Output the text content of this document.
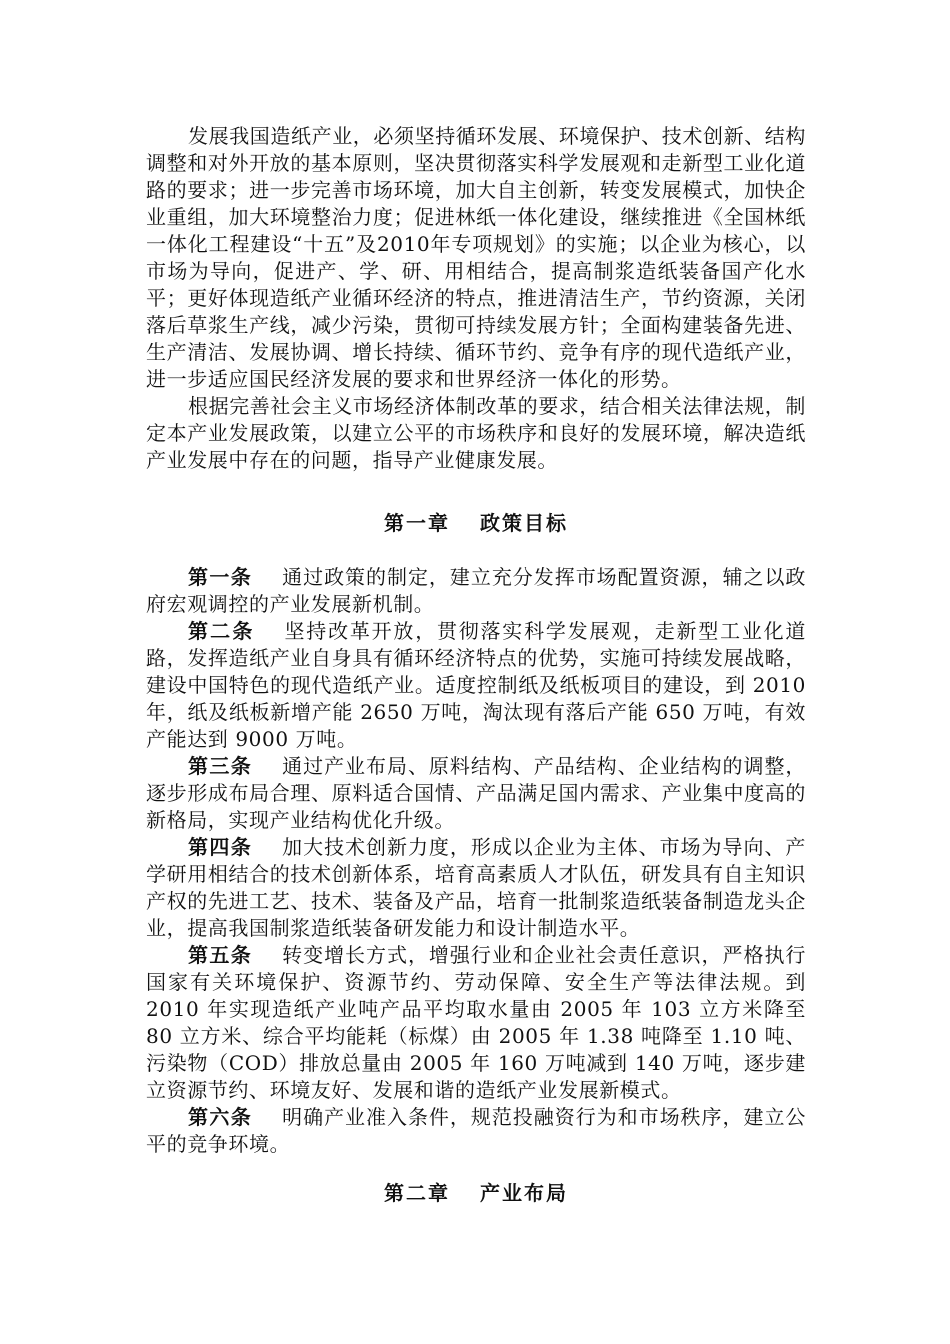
发展我国造纸产业，必须坚持循环发展、环境保护、技术创新、结构调整和对外开放的基本原则，坚决贯彻落实科学发展观和走新型工业化道路的要求；进一步完善市场环境，加大自主创新，转变发展模式，加快企业重组，加大环境整治力度；促进林纸一体化建设，继续推进《全国林纸一体化工程建设“十五”及2010年专项规划》的实施；以企业为核心，以市场为导向，促进产、学、研、用相结合，提高制浆造纸装备国产化水平；更好体现造纸产业循环经济的特点，推进清洁生产，节约资源，关闭落后草浆生产线，减少污染，贯彻可持续发展方针；全面构建装备先进、生产清洁、发展协调、增长持续、循环节约、竞争有序的现代造纸产业，进一步适应国民经济发展的要求和世界经济一体化的形势。

根据完善社会主义市场经济体制改革的要求，结合相关法律法规，制定本产业发展政策，以建立公平的市场秩序和良好的发展环境，解决造纸产业发展中存在的问题，指导产业健康发展。

第一章 政策目标

第一条 通过政策的制定，建立充分发挥市场配置资源，辅之以政府宏观调控的产业发展新机制。

第二条 坚持改革开放，贯彻落实科学发展观，走新型工业化道路，发挥造纸产业自身具有循环经济特点的优势，实施可持续发展战略，建设中国特色的现代造纸产业。适度控制纸及纸板项目的建设，到 2010 年，纸及纸板新增产能 2650 万吨，淘汰现有落后产能 650 万吨，有效产能达到 9000 万吨。

第三条 通过产业布局、原料结构、产品结构、企业结构的调整，逐步形成布局合理、原料适合国情、产品满足国内需求、产业集中度高的新格局，实现产业结构优化升级。

第四条 加大技术创新力度，形成以企业为主体、市场为导向、产学研用相结合的技术创新体系，培育高素质人才队伍，研发具有自主知识产权的先进工艺、技术、装备及产品，培育一批制浆造纸装备制造龙头企业，提高我国制浆造纸装备研发能力和设计制造水平。

第五条 转变增长方式，增强行业和企业社会责任意识，严格执行国家有关环境保护、资源节约、劳动保障、安全生产等法律法规。到 2010 年实现造纸产业吨产品平均取水量由 2005 年 103 立方米降至 80 立方米、综合平均能耗（标煤）由 2005 年 1.38 吨降至 1.10 吨、污染物（COD）排放总量由 2005 年 160 万吨减到 140 万吨，逐步建立资源节约、环境友好、发展和谐的造纸产业发展新模式。

第六条 明确产业准入条件，规范投融资行为和市场秩序，建立公平的竞争环境。

第二章 产业布局
